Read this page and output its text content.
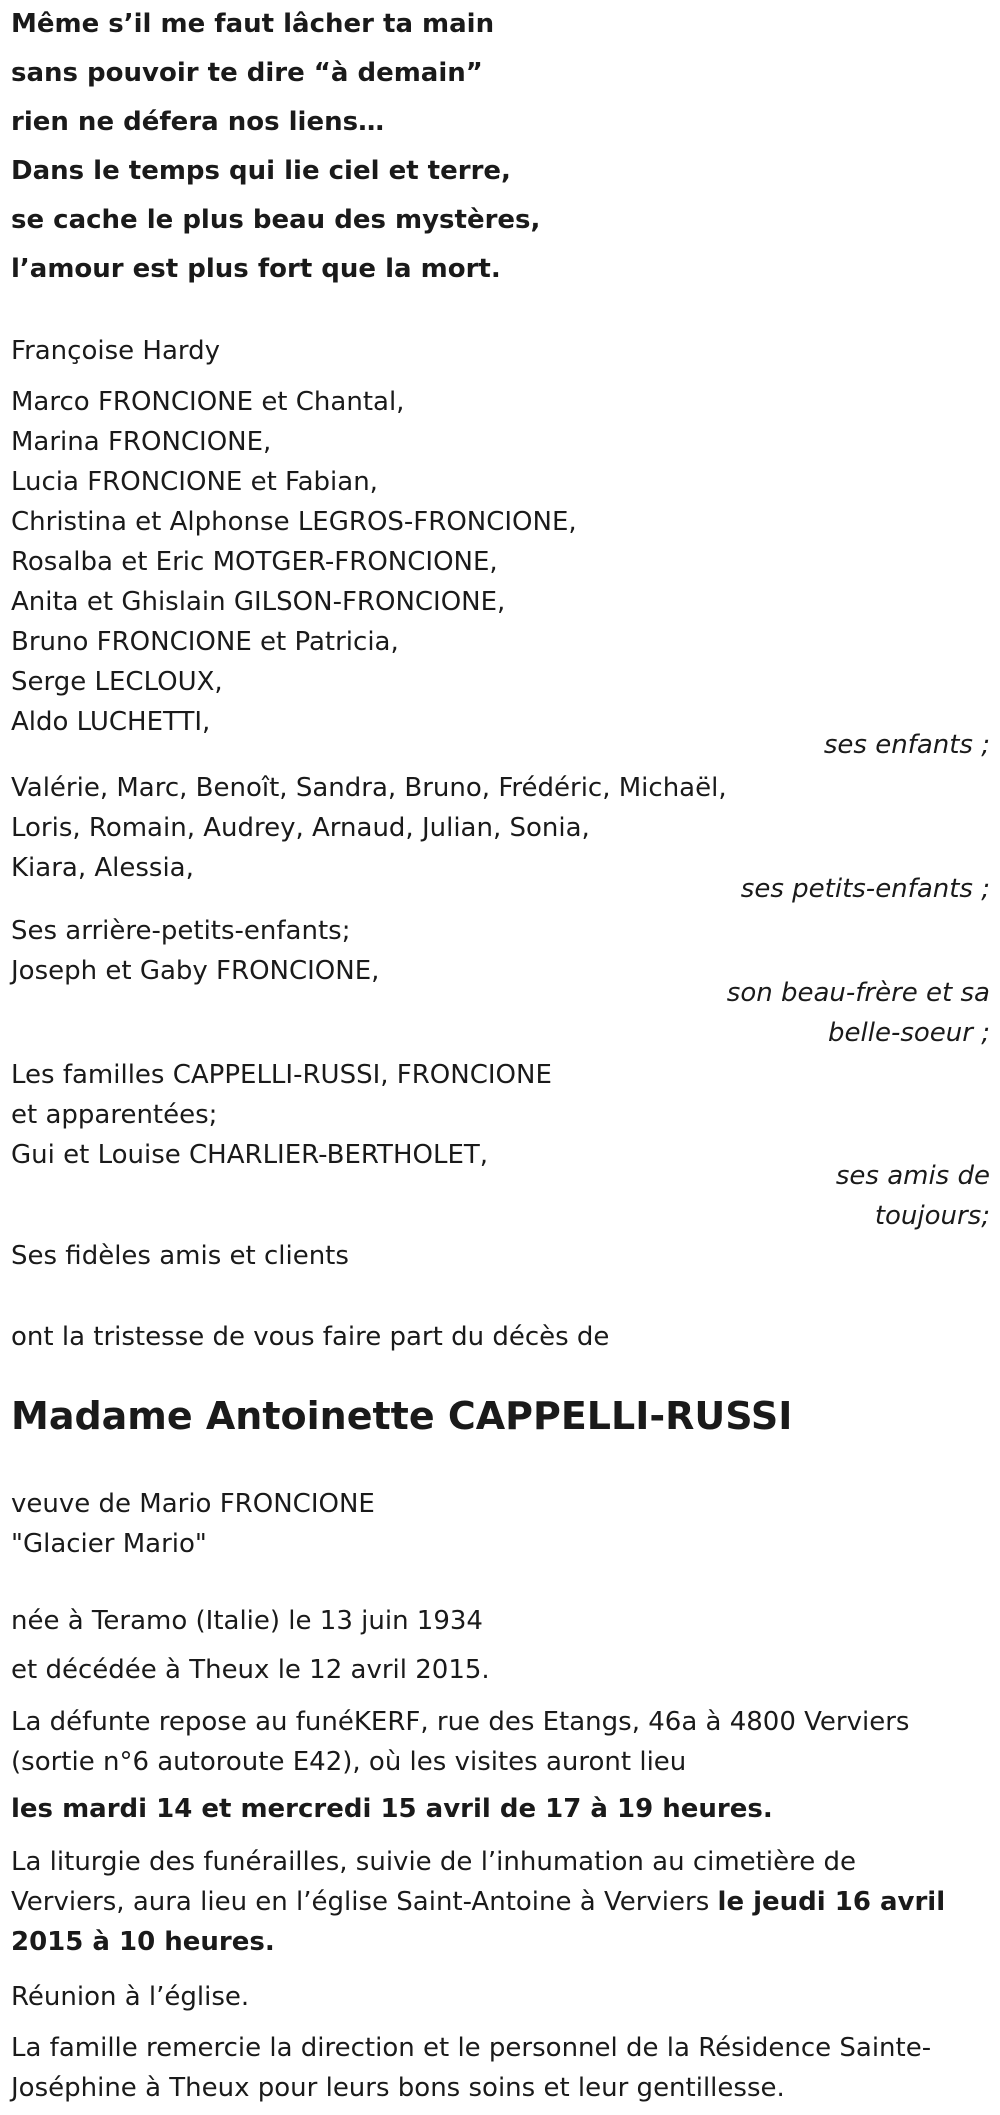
Même s’il me faut lâcher ta main
sans pouvoir te dire “à demain”
rien ne défera nos liens…
Dans le temps qui lie ciel et terre,
se cache le plus beau des mystères,
l’amour est plus fort que la mort.
Françoise Hardy
Marco FRONCIONE et Chantal,
Marina FRONCIONE,
Lucia FRONCIONE et Fabian,
Christina et Alphonse LEGROS-FRONCIONE,
Rosalba et Eric MOTGER-FRONCIONE,
Anita et Ghislain GILSON-FRONCIONE,
Bruno FRONCIONE et Patricia,
Serge LECLOUX,
Aldo LUCHETTI,
ses enfants ;
Valérie, Marc, Benoît, Sandra, Bruno, Frédéric, Michaël,
Loris, Romain, Audrey, Arnaud, Julian, Sonia,
Kiara, Alessia,
ses petits-enfants ;
Ses arrière-petits-enfants;
Joseph et Gaby FRONCIONE,
son beau-frère et sa
belle-soeur ;
Les familles CAPPELLI-RUSSI, FRONCIONE
et apparentées;
Gui et Louise CHARLIER-BERTHOLET,
ses amis de
toujours;
Ses fidèles amis et clients
ont la tristesse de vous faire part du décès de
Madame Antoinette CAPPELLI-RUSSI
veuve de Mario FRONCIONE
"Glacier Mario"
née à Teramo (Italie) le 13 juin 1934
et décédée à Theux le 12 avril 2015.
La défunte repose au funéKERF, rue des Etangs, 46a à 4800 Verviers
(sortie n°6 autoroute E42), où les visites auront lieu
les mardi 14 et mercredi 15 avril de 17 à 19 heures.
La liturgie des funérailles, suivie de l’inhumation au cimetière de
Verviers, aura lieu en l’église Saint-Antoine à Verviers le jeudi 16 avril
2015 à 10 heures.
Réunion à l’église.
La famille remercie la direction et le personnel de la Résidence Sainte-
Joséphine à Theux pour leurs bons soins et leur gentillesse.
